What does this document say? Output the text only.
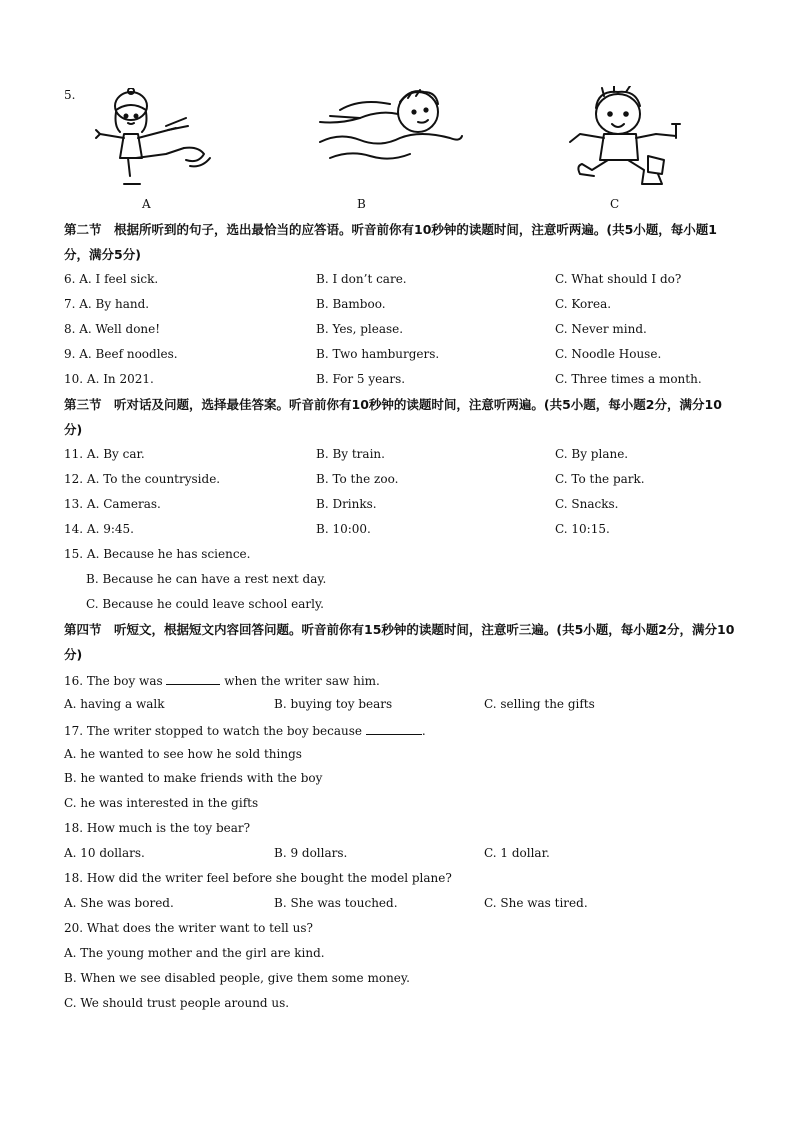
5.
A	B	C
第二节　根据所听到的句子，选出最恰当的应答语。听音前你有10秒钟的读题时间，注意听两遍。(共5小题，每小题1分，满分5分)
6. A. I feel sick.	B. I don’t care.	C. What should I do?
7. A. By hand.	B. Bamboo.	C. Korea.
8. A. Well done!	B. Yes, please.	C. Never mind.
9. A. Beef noodles.	B. Two hamburgers.	C. Noodle House.
10. A. In 2021.	B. For 5 years.	C. Three times a month.
第三节　听对话及问题，选择最佳答案。听音前你有10秒钟的读题时间，注意听两遍。(共5小题，每小题2分，满分10分)
11. A. By car.	B. By train.	C. By plane.
12. A. To the countryside.	B. To the zoo.	C. To the park.
13. A. Cameras.	B. Drinks.	C. Snacks.
14. A. 9:45.	B. 10:00.	C. 10:15.
15. A. Because he has science.
B. Because he can have a rest next day.
C. Because he could leave school early.
第四节　听短文，根据短文内容回答问题。听音前你有15秒钟的读题时间，注意听三遍。(共5小题，每小题2分，满分10分)
16. The boy was	when the writer saw him.
A. having a walk	B. buying toy bears	C. selling the gifts
17. The writer stopped to watch the boy because	.
A. he wanted to see how he sold things
B. he wanted to make friends with the boy
C. he was interested in the gifts
18. How much is the toy bear?
A. 10 dollars.	B. 9 dollars.	C. 1 dollar.
18. How did the writer feel before she bought the model plane?
A. She was bored.	B. She was touched.	C. She was tired.
20. What does the writer want to tell us?
A. The young mother and the girl are kind.
B. When we see disabled people, give them some money.
C. We should trust people around us.
